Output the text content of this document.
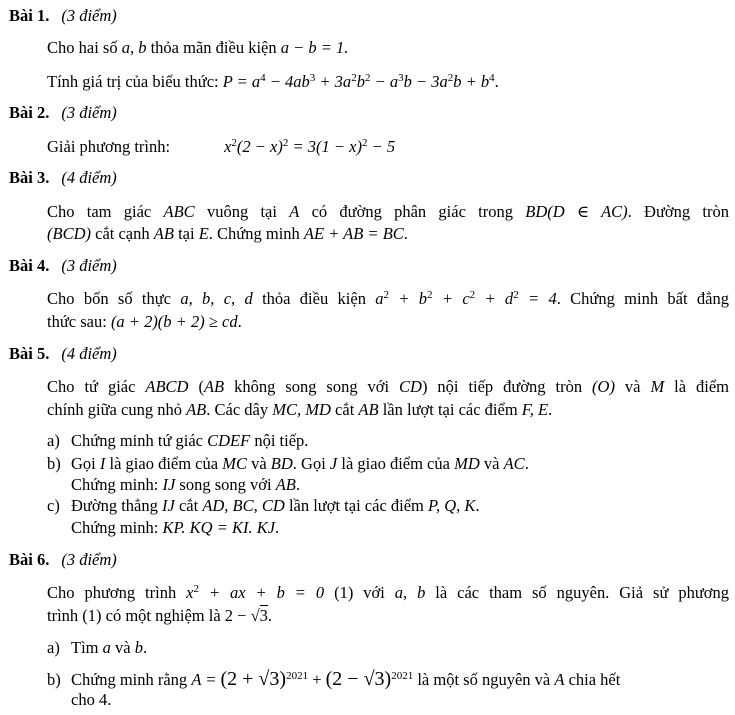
Bài 1. (3 điểm)
Cho hai số a, b thỏa mãn điều kiện a − b = 1.
Tính giá trị của biểu thức: $P = a^4 - 4ab^3 + 3a^2b^2 - a^3b - 3a^2b + b^4$.
Bài 2. (3 điểm)
Giải phương trình:	$x^2(2 - x)^2 = 3(1 - x)^2 - 5$
Bài 3. (4 điểm)
Cho tam giác ABC vuông tại A có đường phân giác trong BD(D ∈ AC). Đường tròn
(BCD) cắt cạnh AB tại E. Chứng minh AE + AB = BC.
Bài 4. (3 điểm)
Cho bốn số thực a, b, c, d thỏa điều kiện $a^2 + b^2 + c^2 + d^2 = 4$. Chứng minh bất đẳng
thức sau: (a + 2)(b + 2) ≥ cd.
Bài 5. (4 điểm)
Cho tứ giác ABCD (AB không song song với CD) nội tiếp đường tròn (O) và M là điểm
chính giữa cung nhỏ AB. Các dây MC, MD cắt AB lần lượt tại các điểm F, E.
a) Chứng minh tứ giác CDEF nội tiếp.
b) Gọi I là giao điểm của MC và BD. Gọi J là giao điểm của MD và AC.
Chứng minh: IJ song song với AB.
c) Đường thẳng IJ cắt AD, BC, CD lần lượt tại các điểm P, Q, K.
Chứng minh: KP. KQ = KI. KJ.
Bài 6. (3 điểm)
Cho phương trình $x^2$ + ax + b = 0 (1) với a, b là các tham số nguyên. Giả sử phương
trình (1) có một nghiệm là 2 − √3.
a) Tìm a và b.
b) Chứng minh rằng $A = (2 + √3)^{2021} + (2 - √3)^{2021}$ là một số nguyên và A chia hết
cho 4.
